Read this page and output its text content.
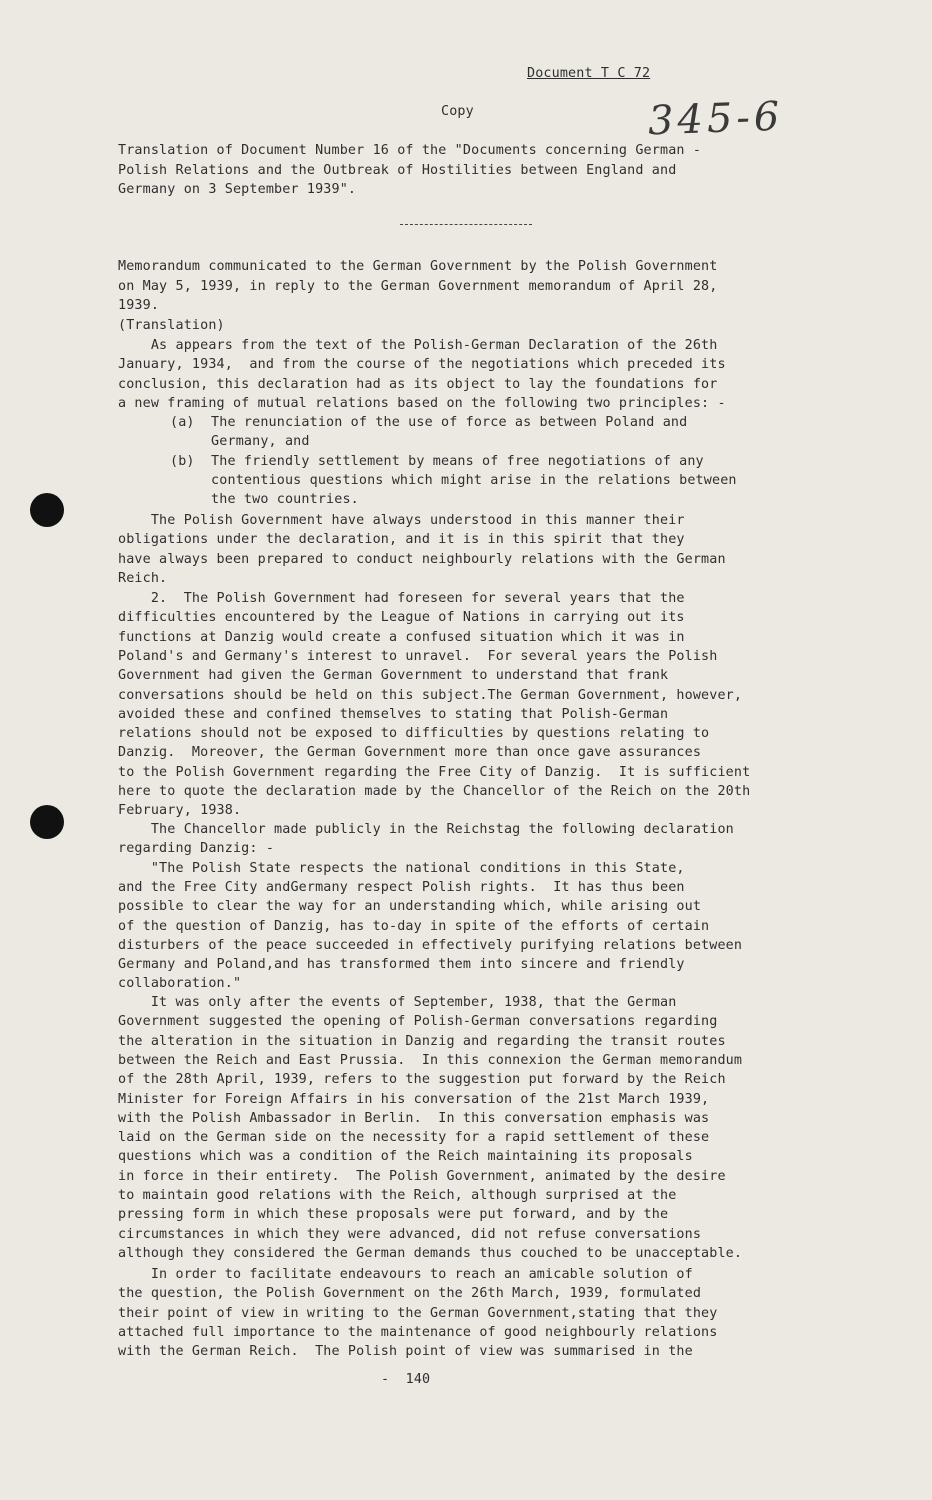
Document T C 72
Copy	345-6
Translation of Document Number 16 of the "Documents concerning German -
Polish Relations and the Outbreak of Hostilities between England and
Germany on 3 September 1939".
Memorandum communicated to the German Government by the Polish Government
on May 5, 1939, in reply to the German Government memorandum of April 28,
1939.
(Translation)
As appears from the text of the Polish-German Declaration of the 26th
January, 1934,  and from the course of the negotiations which preceded its
conclusion, this declaration had as its object to lay the foundations for
a new framing of mutual relations based on the following two principles: -
(a)  The renunciation of the use of force as between Poland and
Germany, and
(b)  The friendly settlement by means of free negotiations of any
contentious questions which might arise in the relations between
the two countries.
The Polish Government have always understood in this manner their
obligations under the declaration, and it is in this spirit that they
have always been prepared to conduct neighbourly relations with the German
Reich.
2.  The Polish Government had foreseen for several years that the
difficulties encountered by the League of Nations in carrying out its
functions at Danzig would create a confused situation which it was in
Poland's and Germany's interest to unravel.  For several years the Polish
Government had given the German Government to understand that frank
conversations should be held on this subject.The German Government, however,
avoided these and confined themselves to stating that Polish-German
relations should not be exposed to difficulties by questions relating to
Danzig.  Moreover, the German Government more than once gave assurances
to the Polish Government regarding the Free City of Danzig.  It is sufficient
here to quote the declaration made by the Chancellor of the Reich on the 20th
February, 1938.
The Chancellor made publicly in the Reichstag the following declaration
regarding Danzig: -
"The Polish State respects the national conditions in this State,
and the Free City andGermany respect Polish rights.  It has thus been
possible to clear the way for an understanding which, while arising out
of the question of Danzig, has to-day in spite of the efforts of certain
disturbers of the peace succeeded in effectively purifying relations between
Germany and Poland,and has transformed them into sincere and friendly
collaboration."
It was only after the events of September, 1938, that the German
Government suggested the opening of Polish-German conversations regarding
the alteration in the situation in Danzig and regarding the transit routes
between the Reich and East Prussia.  In this connexion the German memorandum
of the 28th April, 1939, refers to the suggestion put forward by the Reich
Minister for Foreign Affairs in his conversation of the 21st March 1939,
with the Polish Ambassador in Berlin.  In this conversation emphasis was
laid on the German side on the necessity for a rapid settlement of these
questions which was a condition of the Reich maintaining its proposals
in force in their entirety.  The Polish Government, animated by the desire
to maintain good relations with the Reich, although surprised at the
pressing form in which these proposals were put forward, and by the
circumstances in which they were advanced, did not refuse conversations
although they considered the German demands thus couched to be unacceptable.
In order to facilitate endeavours to reach an amicable solution of
the question, the Polish Government on the 26th March, 1939, formulated
their point of view in writing to the German Government,stating that they
attached full importance to the maintenance of good neighbourly relations
with the German Reich.  The Polish point of view was summarised in the
-  140
